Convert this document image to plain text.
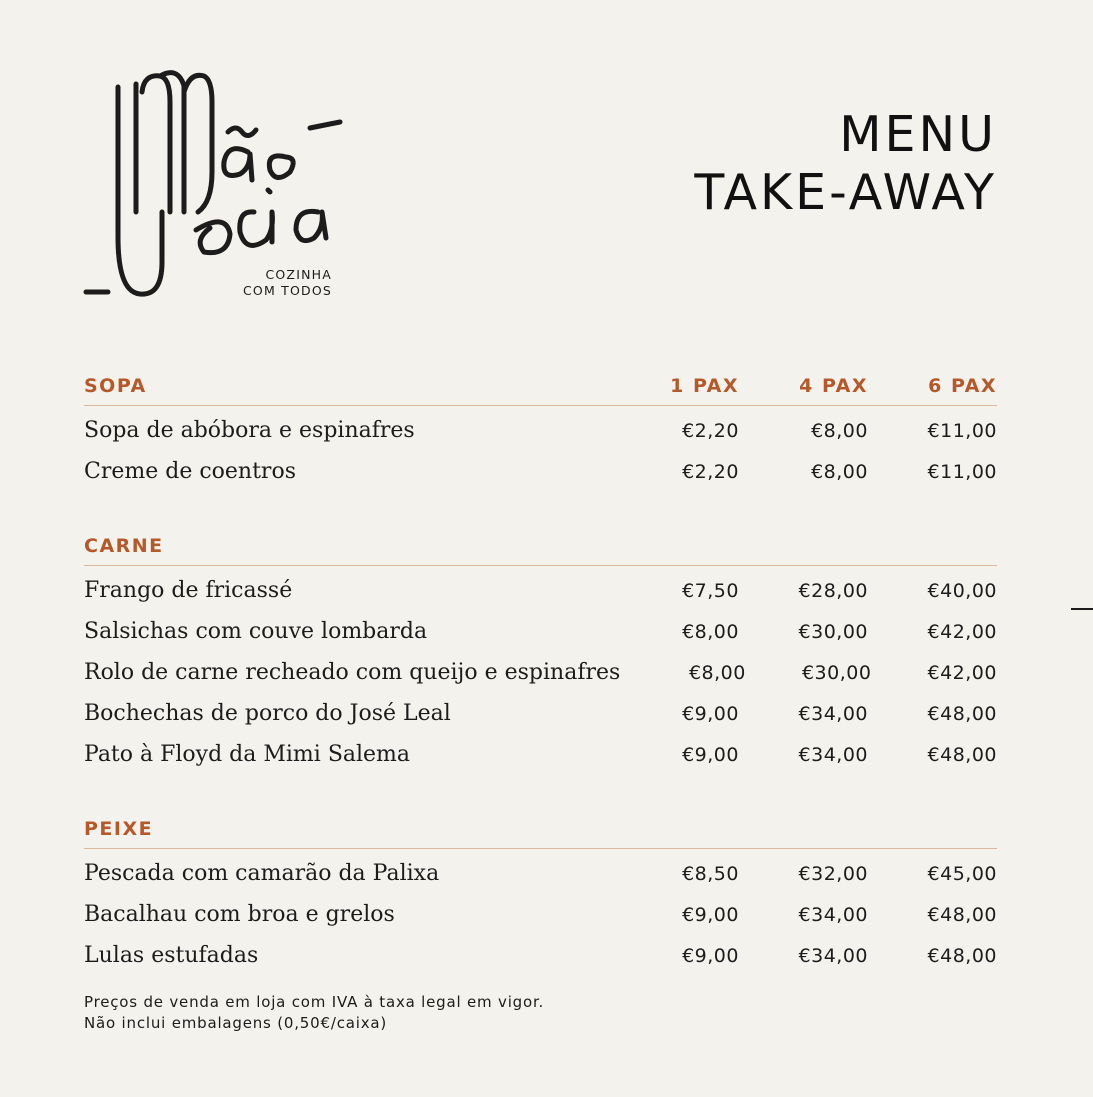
COZINHA
COM TODOS
MENU
TAKE-AWAY
SOPA	1 PAX	4 PAX	6 PAX
Sopa de abóbora e espinafres	€2,20	€8,00	€11,00
Creme de coentros	€2,20	€8,00	€11,00
CARNE
Frango de fricassé	€7,50	€28,00	€40,00
Salsichas com couve lombarda	€8,00	€30,00	€42,00
Rolo de carne recheado com queijo e espinafres	€8,00	€30,00	€42,00
Bochechas de porco do José Leal	€9,00	€34,00	€48,00
Pato à Floyd da Mimi Salema	€9,00	€34,00	€48,00
PEIXE
Pescada com camarão da Palixa	€8,50	€32,00	€45,00
Bacalhau com broa e grelos	€9,00	€34,00	€48,00
Lulas estufadas	€9,00	€34,00	€48,00
Preços de venda em loja com IVA à taxa legal em vigor.
Não inclui embalagens (0,50€/caixa)
